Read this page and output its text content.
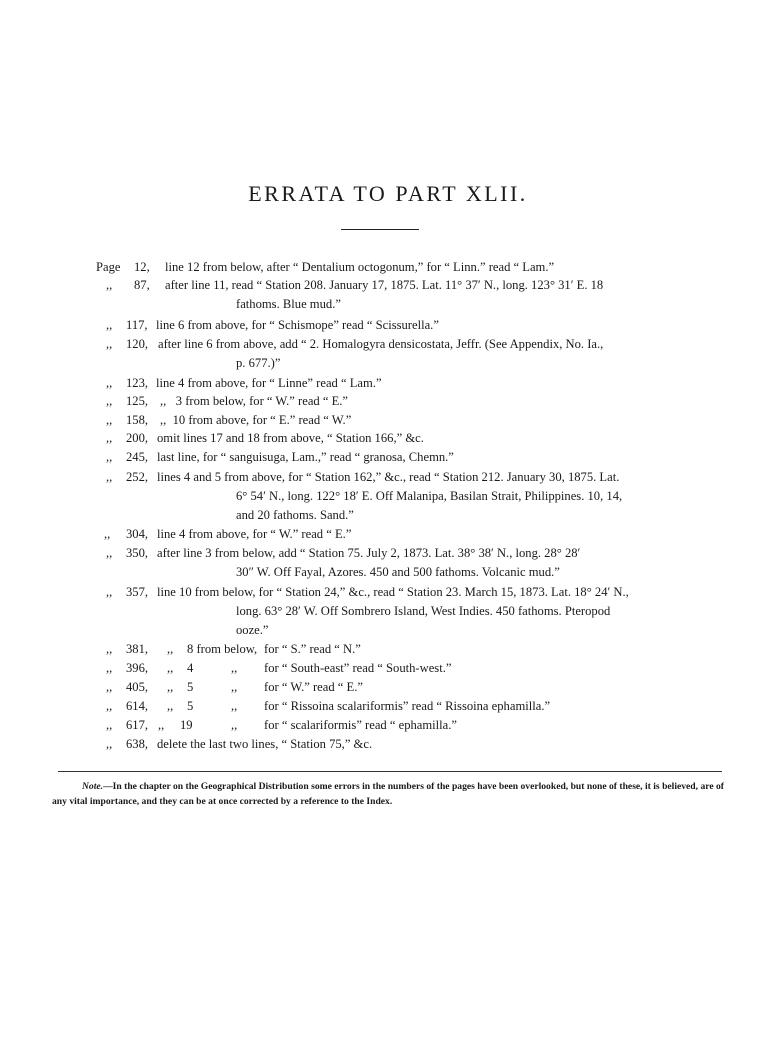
ERRATA TO PART XLII.
Page 12, line 12 from below, after “ Dentalium octogonum,” for “ Linn.” read “ Lam.”
,, 87, after line 11, read “ Station 208. January 17, 1875. Lat. 11° 37′ N., long. 123° 31′ E. 18
fathoms. Blue mud.”
,, 117, line 6 from above, for “ Schismope” read “ Scissurella.”
,, 120, after line 6 from above, add “ 2. Homalogyra densicostata, Jeffr. (See Appendix, No. Ia.,
p. 677.)”
,, 123, line 4 from above, for “ Linne” read “ Lam.”
,, 125, ,,   3 from below, for “ W.” read “ E.”
,, 158, ,,  10 from above, for “ E.” read “ W.”
,, 200, omit lines 17 and 18 from above, “ Station 166,” &c.
,, 245, last line, for “ sanguisuga, Lam.,” read “ granosa, Chemn.”
,, 252, lines 4 and 5 from above, for “ Station 162,” &c., read “ Station 212. January 30, 1875. Lat.
6° 54′ N., long. 122° 18′ E. Off Malanipa, Basilan Strait, Philippines. 10, 14,
and 20 fathoms. Sand.”
,, 304, line 4 from above, for “ W.” read “ E.”
,, 350, after line 3 from below, add “ Station 75. July 2, 1873. Lat. 38° 38′ N., long. 28° 28′
30″ W. Off Fayal, Azores. 450 and 500 fathoms. Volcanic mud.”
,, 357, line 10 from below, for “ Station 24,” &c., read “ Station 23. March 15, 1873. Lat. 18° 24′ N.,
long. 63° 28′ W. Off Sombrero Island, West Indies. 450 fathoms. Pteropod
ooze.”
,, 381, ,, 8 from below, for “ S.” read “ N.”
,, 396, ,, 4	,, for “ South-east” read “ South-west.”
,, 405, ,, 5	,, for “ W.” read “ E.”
,, 614, ,, 5	,, for “ Rissoina scalariformis” read “ Rissoina ephamilla.”
,, 617, ,, 19	,, for “ scalariformis” read “ ephamilla.”
,, 638, delete the last two lines, “ Station 75,” &c.
Note.—In the chapter on the Geographical Distribution some errors in the numbers of the pages have been overlooked, but none of these, it is believed, are of any vital importance, and they can be at once corrected by a reference to the Index.
